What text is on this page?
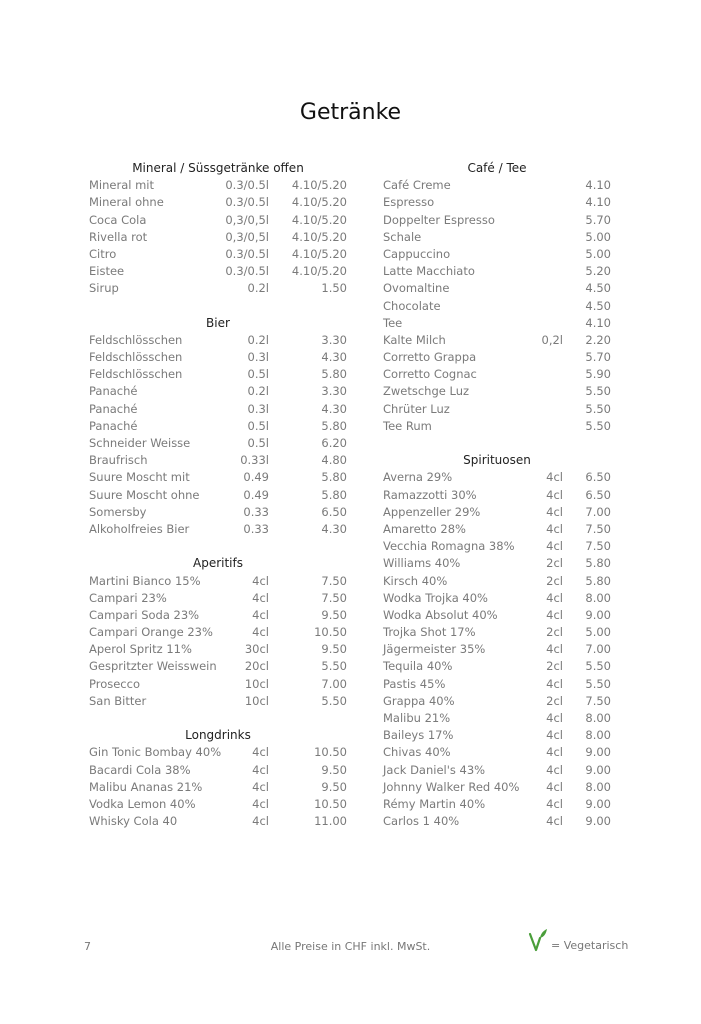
Getränke
Mineral / Süssgetränke offen
Mineral mit	0.3/0.5l	4.10/5.20
Mineral ohne	0.3/0.5l	4.10/5.20
Coca Cola	0,3/0,5l	4.10/5.20
Rivella rot	0,3/0,5l	4.10/5.20
Citro	0.3/0.5l	4.10/5.20
Eistee	0.3/0.5l	4.10/5.20
Sirup	0.2l	1.50
Bier
Feldschlösschen	0.2l	3.30
Feldschlösschen	0.3l	4.30
Feldschlösschen	0.5l	5.80
Panaché	0.2l	3.30
Panaché	0.3l	4.30
Panaché	0.5l	5.80
Schneider Weisse	0.5l	6.20
Braufrisch	0.33l	4.80
Suure Moscht mit	0.49	5.80
Suure Moscht ohne	0.49	5.80
Somersby	0.33	6.50
Alkoholfreies Bier	0.33	4.30
Aperitifs
Martini Bianco 15%	4cl	7.50
Campari 23%	4cl	7.50
Campari Soda 23%	4cl	9.50
Campari Orange 23%	4cl	10.50
Aperol Spritz 11%	30cl	9.50
Gespritzter Weisswein	20cl	5.50
Prosecco	10cl	7.00
San Bitter	10cl	5.50
Longdrinks
Gin Tonic Bombay 40%	4cl	10.50
Bacardi Cola 38%	4cl	9.50
Malibu Ananas 21%	4cl	9.50
Vodka Lemon 40%	4cl	10.50
Whisky Cola 40	4cl	11.00
Café / Tee
Café Creme	4.10
Espresso	4.10
Doppelter Espresso	5.70
Schale	5.00
Cappuccino	5.00
Latte Macchiato	5.20
Ovomaltine	4.50
Chocolate	4.50
Tee	4.10
Kalte Milch	0,2l	2.20
Corretto Grappa	5.70
Corretto Cognac	5.90
Zwetschge Luz	5.50
Chrüter Luz	5.50
Tee Rum	5.50
Spirituosen
Averna 29%	4cl	6.50
Ramazzotti 30%	4cl	6.50
Appenzeller 29%	4cl	7.00
Amaretto 28%	4cl	7.50
Vecchia Romagna 38%	4cl	7.50
Williams 40%	2cl	5.80
Kirsch 40%	2cl	5.80
Wodka Trojka 40%	4cl	8.00
Wodka Absolut 40%	4cl	9.00
Trojka Shot 17%	2cl	5.00
Jägermeister 35%	4cl	7.00
Tequila 40%	2cl	5.50
Pastis 45%	4cl	5.50
Grappa 40%	2cl	7.50
Malibu 21%	4cl	8.00
Baileys 17%	4cl	8.00
Chivas 40%	4cl	9.00
Jack Daniel's 43%	4cl	9.00
Johnny Walker Red 40%	4cl	8.00
Rémy Martin 40%	4cl	9.00
Carlos 1 40%	4cl	9.00
7	Alle Preise in CHF inkl. MwSt.	= Vegetarisch
